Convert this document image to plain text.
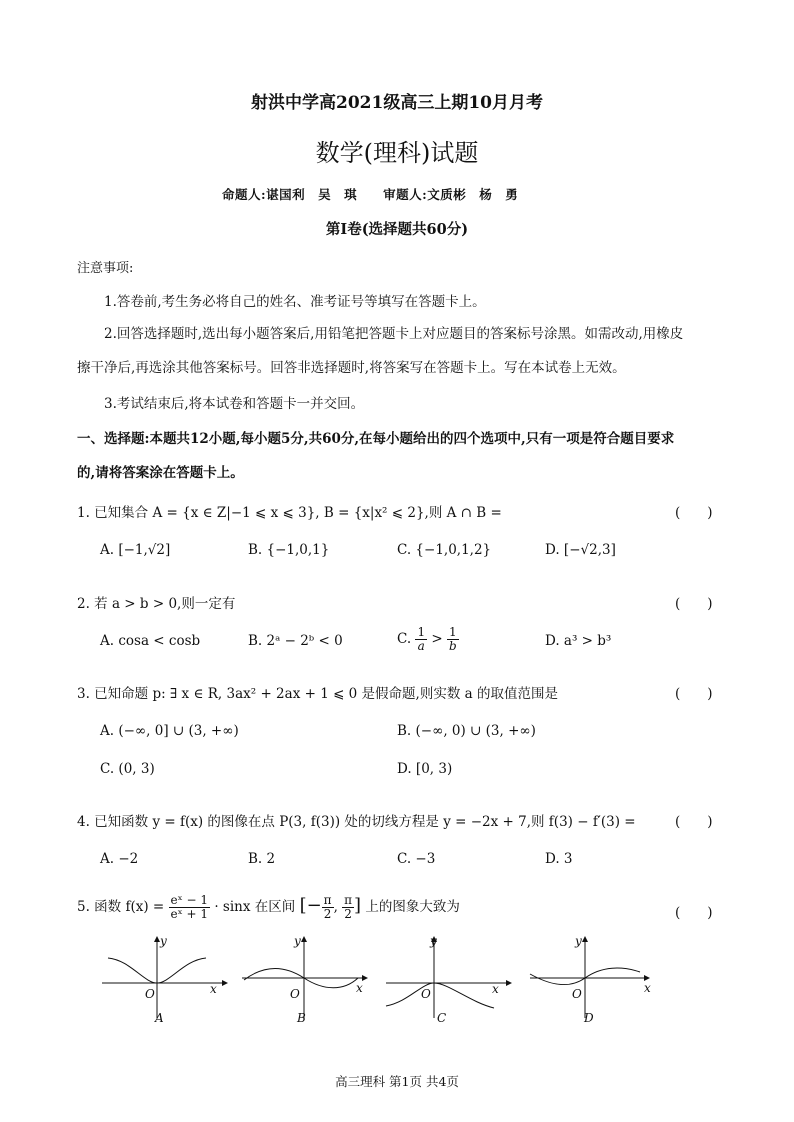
射洪中学高2021级高三上期10月月考
数学(理科)试题
命题人:谌国利　吴　琪　　审题人:文质彬　杨　勇
第Ⅰ卷(选择题共60分)
注意事项:
1.答卷前,考生务必将自己的姓名、准考证号等填写在答题卡上。
2.回答选择题时,选出每小题答案后,用铅笔把答题卡上对应题目的答案标号涂黑。如需改动,用橡皮
擦干净后,再选涂其他答案标号。回答非选择题时,将答案写在答题卡上。写在本试卷上无效。
3.考试结束后,将本试卷和答题卡一并交回。
一、选择题:本题共12小题,每小题5分,共60分,在每小题给出的四个选项中,只有一项是符合题目要求
的,请将答案涂在答题卡上。
1. 已知集合 A = {x ∈ Z|−1 ⩽ x ⩽ 3}, B = {x|x² ⩽ 2},则 A ∩ B =	(　　)
A. [−1,√2]	B. {−1,0,1}	C. {−1,0,1,2}	D. [−√2,3]
2. 若 a > b > 0,则一定有	(　　)
A. cosa < cosb	B. 2ᵃ − 2ᵇ < 0	C. $\frac{1}{a} > \frac{1}{b}$	D. a³ > b³
3. 已知命题 p: ∃ x ∈ R, 3ax² + 2ax + 1 ⩽ 0 是假命题,则实数 a 的取值范围是	(　　)
A. (−∞, 0] ∪ (3, +∞)	B. (−∞, 0) ∪ (3, +∞)
C. (0, 3)	D. [0, 3)
4. 已知函数 y = f(x) 的图像在点 P(3, f(3)) 处的切线方程是 y = −2x + 7,则 f(3) − f′(3) =	(　　)
A. −2	B. 2	C. −3	D. 3
5. 函数 $f(x) = \frac{\text{eˣ − 1}}{\text{eˣ + 1}} \cdot \sin x$ 在区间 [− $\frac{\pi}{2}$ , $\frac{\pi}{2}$ ] 上的图象大致为	(　　)
y
x
O
A
y
x
O
B
y
x
O
C
y
x
O
D
高三理科 第1页 共4页
